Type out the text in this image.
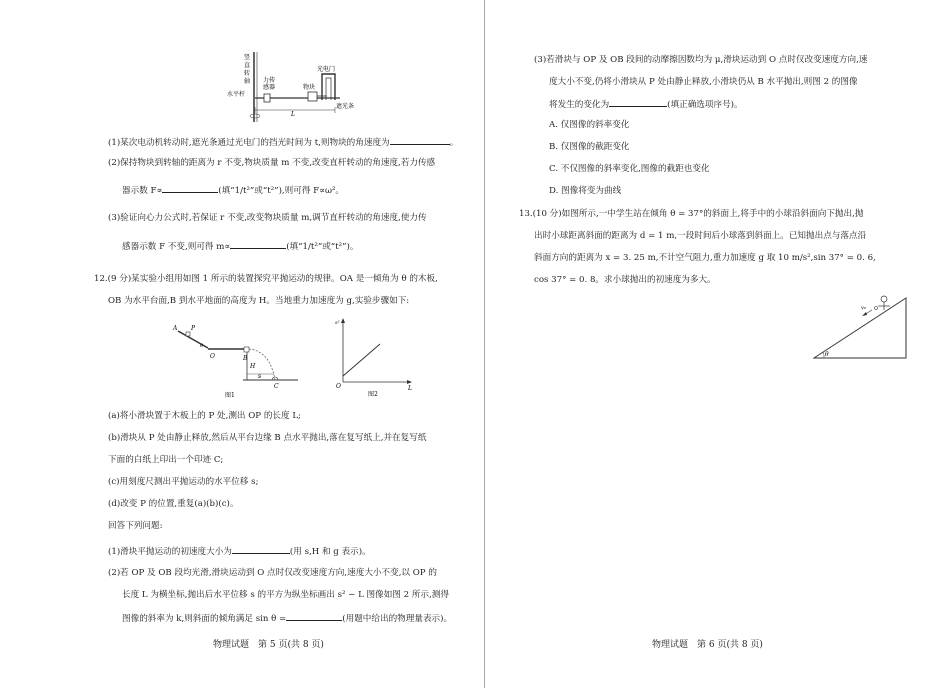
竖
直
转
轴 力传
感器
光电门
水平杆
物块
遮光条
L
(1)某次电动机转动时,遮光条通过光电门的挡光时间为 t,则物块的角速度为	。
(2)保持物块到转轴的距离为 r 不变,物块质量 m 不变,改变直杆转动的角速度,若力传感
器示数 F∝	(填“1/t²”或“t²”),则可得 F∝ω²。
(3)验证向心力公式时,若保证 r 不变,改变物块质量 m,调节直杆转动的角速度,使力传
感器示数 F 不变,则可得 m∝	(填“1/t²”或“t²”)。
12.(9 分)某实验小组用如图 1 所示的装置探究平抛运动的规律。OA 是一倾角为 θ 的木板,
OB 为水平台面,B 到水平地面的高度为 H。当地重力加速度为 g,实验步骤如下:
A P
θ
O	B
H
s
C
图1
s²
L
O
图2
(a)将小滑块置于木板上的 P 处,测出 OP 的长度 L;
(b)滑块从 P 处由静止释放,然后从平台边缘 B 点水平抛出,落在复写纸上,并在复写纸
下面的白纸上印出一个印迹 C;
(c)用刻度尺测出平抛运动的水平位移 s;
(d)改变 P 的位置,重复(a)(b)(c)。
回答下列问题:
(1)滑块平抛运动的初速度大小为	(用 s,H 和 g 表示)。
(2)若 OP 及 OB 段均光滑,滑块运动到 O 点时仅改变速度方向,速度大小不变,以 OP 的
长度 L 为横坐标,抛出后水平位移 s 的平方为纵坐标画出 s² − L 图像如图 2 所示,测得
图像的斜率为 k,则斜面的倾角满足 sin θ =	(用题中给出的物理量表示)。
物理试题　第 5 页(共 8 页)
(3)若滑块与 OP 及 OB 段间的动摩擦因数均为 μ,滑块运动到 O 点时仅改变速度方向,速
度大小不变,仍将小滑块从 P 处由静止释放,小滑块仍从 B 水平抛出,则图 2 的图像
将发生的变化为	(填正确选项序号)。
A. 仅图像的斜率变化
B. 仅图像的截距变化
C. 不仅图像的斜率变化,图像的截距也变化
D. 图像将变为曲线
13.(10 分)如图所示,一中学生站在倾角 θ = 37°的斜面上,将手中的小球沿斜面向下抛出,抛
出时小球距离斜面的距离为 d = 1 m,一段时间后小球落到斜面上。已知抛出点与落点沿
斜面方向的距离为 x = 3. 25 m,不计空气阻力,重力加速度 g 取 10 m/s²,sin 37° = 0. 6,
cos 37° = 0. 8。求小球抛出的初速度为多大。
v₀
θ
物理试题　第 6 页(共 8 页)
